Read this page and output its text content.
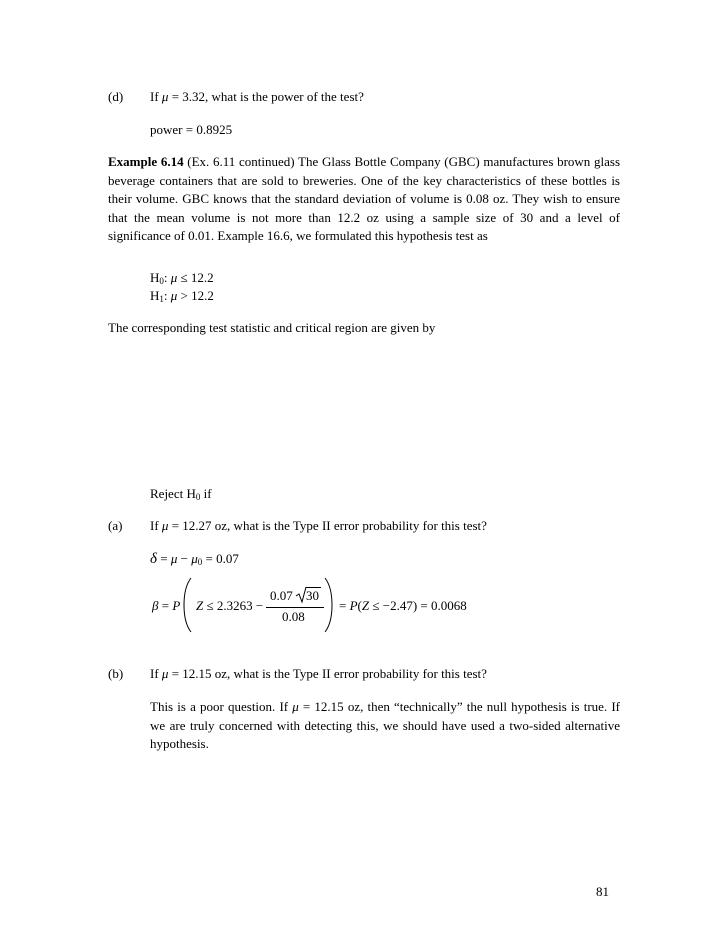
(d) If μ = 3.32, what is the power of the test?
power = 0.8925
Example 6.14 (Ex. 6.11 continued) The Glass Bottle Company (GBC) manufactures brown glass beverage containers that are sold to breweries. One of the key characteristics of these bottles is their volume. GBC knows that the standard deviation of volume is 0.08 oz. They wish to ensure that the mean volume is not more than 12.2 oz using a sample size of 30 and a level of significance of 0.01. Example 16.6, we formulated this hypothesis test as
$H_0$: μ ≤ 12.2
$H_1$: μ > 12.2
The corresponding test statistic and critical region are given by
Reject $H_0$ if
(a) If μ = 12.27 oz, what is the Type II error probability for this test?
$\delta = \mu - \mu_0 = 0.07$
β = P Z ≤ 2.3263 −
0.07 30
0.08
= P(Z ≤ −2.47) = 0.0068
(b) If μ = 12.15 oz, what is the Type II error probability for this test?
This is a poor question. If μ = 12.15 oz, then “technically” the null hypothesis is true. If we are truly concerned with detecting this, we should have used a two-sided alternative hypothesis.
81
